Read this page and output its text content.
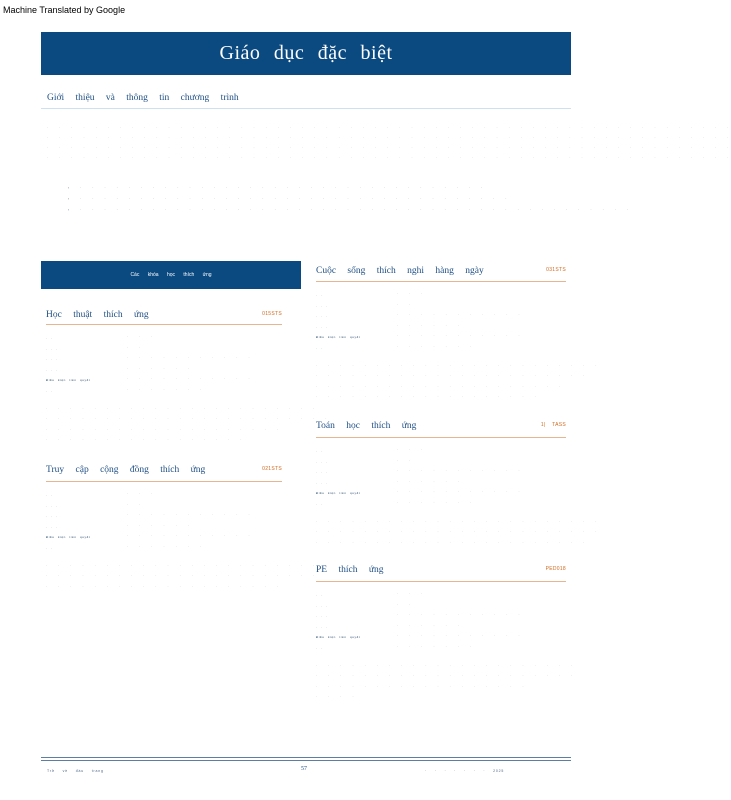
Machine Translated by Google
Giáo dục đặc biệt
Giới thiệu và thông tin chương trình
· · · · · · · · · · · · · · · · · · · · · · · · · · · · · · · · · · · · · · · · · · · · · · · · · · · · · · · · ·
· · · · · · · · · · · · · · · · · · · · · · · · · · · · · · · · · · · · · · · · · · · · · · · · · · · · · · · · ·
· · · · · · · · · · · · · · · · · · · · · · · · · · · · · · · · · · · · · · · · · · · · · · · · · · · · · · · · ·
· · · · · · · · · · · · · · · · · · · · · · · · · · · · · · · · · · · · · · · · · · · · · · · · · · · · · · · · ·
• · · · · · · · · · · · · · · · · · · · · · · · · · · · · · · · · · ·
• · · · · · · · · · · · · · · · · · · · · · · · · · · · · · · · · · · · ·
• · · · · · · · · · · · · · · · · · · · · · · · · · · · · · · · · · · · · · · · · · · · · · ·
Các khóa học thích ứng
Học thuật thích ứng	015STS
· ·	· · ·
· · ·	· ·
· · ·	· · · · · · · · · · ·
· · ·	· · · · · ·
Điều kiện tiên quyết	· · · · · · · · · · ·
· ·	· · · · · · ·
· · · · · · · · · · · · · · · · · · · · · · ·
· · · · · · · · · · · · · · · · · · · · · · · ·
· · · · · · · · · · · · · · · · · · · ·
· · · · · · · · · · · · · · · · ·
Truy cập cộng đồng thích ứng	021STS
· ·	· · ·
· · ·	· ·
· · ·	· · · · · · · · · · ·
· · ·	· · · · · ·
Điều kiện tiên quyết	· · · · · · · · · · ·
· ·	· · · · · · ·
· · · · · · · · · · · · · · · · · · · · · · ·
· · · · · · · · · · · · · · · · · · · · · · ·
· · · · · · · · · · · · · · · · · · · ·
Cuộc sống thích nghi hàng ngày	031STS
· ·	· · ·
· · ·	· ·
· · ·	· · · · · · · · · · ·
· · ·	· · · · · ·
Điều kiện tiên quyết	· · · · · · · · · · ·
· ·	· · · · · · ·
· · · · · · · · · · · · · · · · · · · · · · · ·
· · · · · · · · · · · · · · · · · · · · · · ·
· · · · · · · · · · · · · · · · · · · · ·
· · · · · · · · · · · · · · · · · · ·
Toán học thích ứng	1| TASS
· ·	· · ·
· · ·	· ·
· · ·	· · · · · · · · · · ·
· · ·	· · · · · ·
Điều kiện tiên quyết	· · · · · · · · · · ·
· ·	· · · · · · ·
· · · · · · · · · · · · · · · · · · · · · · · ·
· · · · · · · · · · · · · · · · · · · · · · · ·
· · · · · · · · · · · · · · · · · · · · · · ·
PE thích ứng	PED018
· ·	· · ·
· · ·	· ·
· · ·	· · · · · · · · · · ·
· · ·	· · · · · ·
Điều kiện tiên quyết	· · · · · · · · · · ·
· ·	· · · · · · ·
· · · · · · · · · · · · · · · · · · · · · ·
· · · · · · · · · · · · · · · · · · · · · ·
· · · · · · · · · · · · · · · · · ·
· · · ·
Trở về đầu trang	57	· · · · · · · 2025
